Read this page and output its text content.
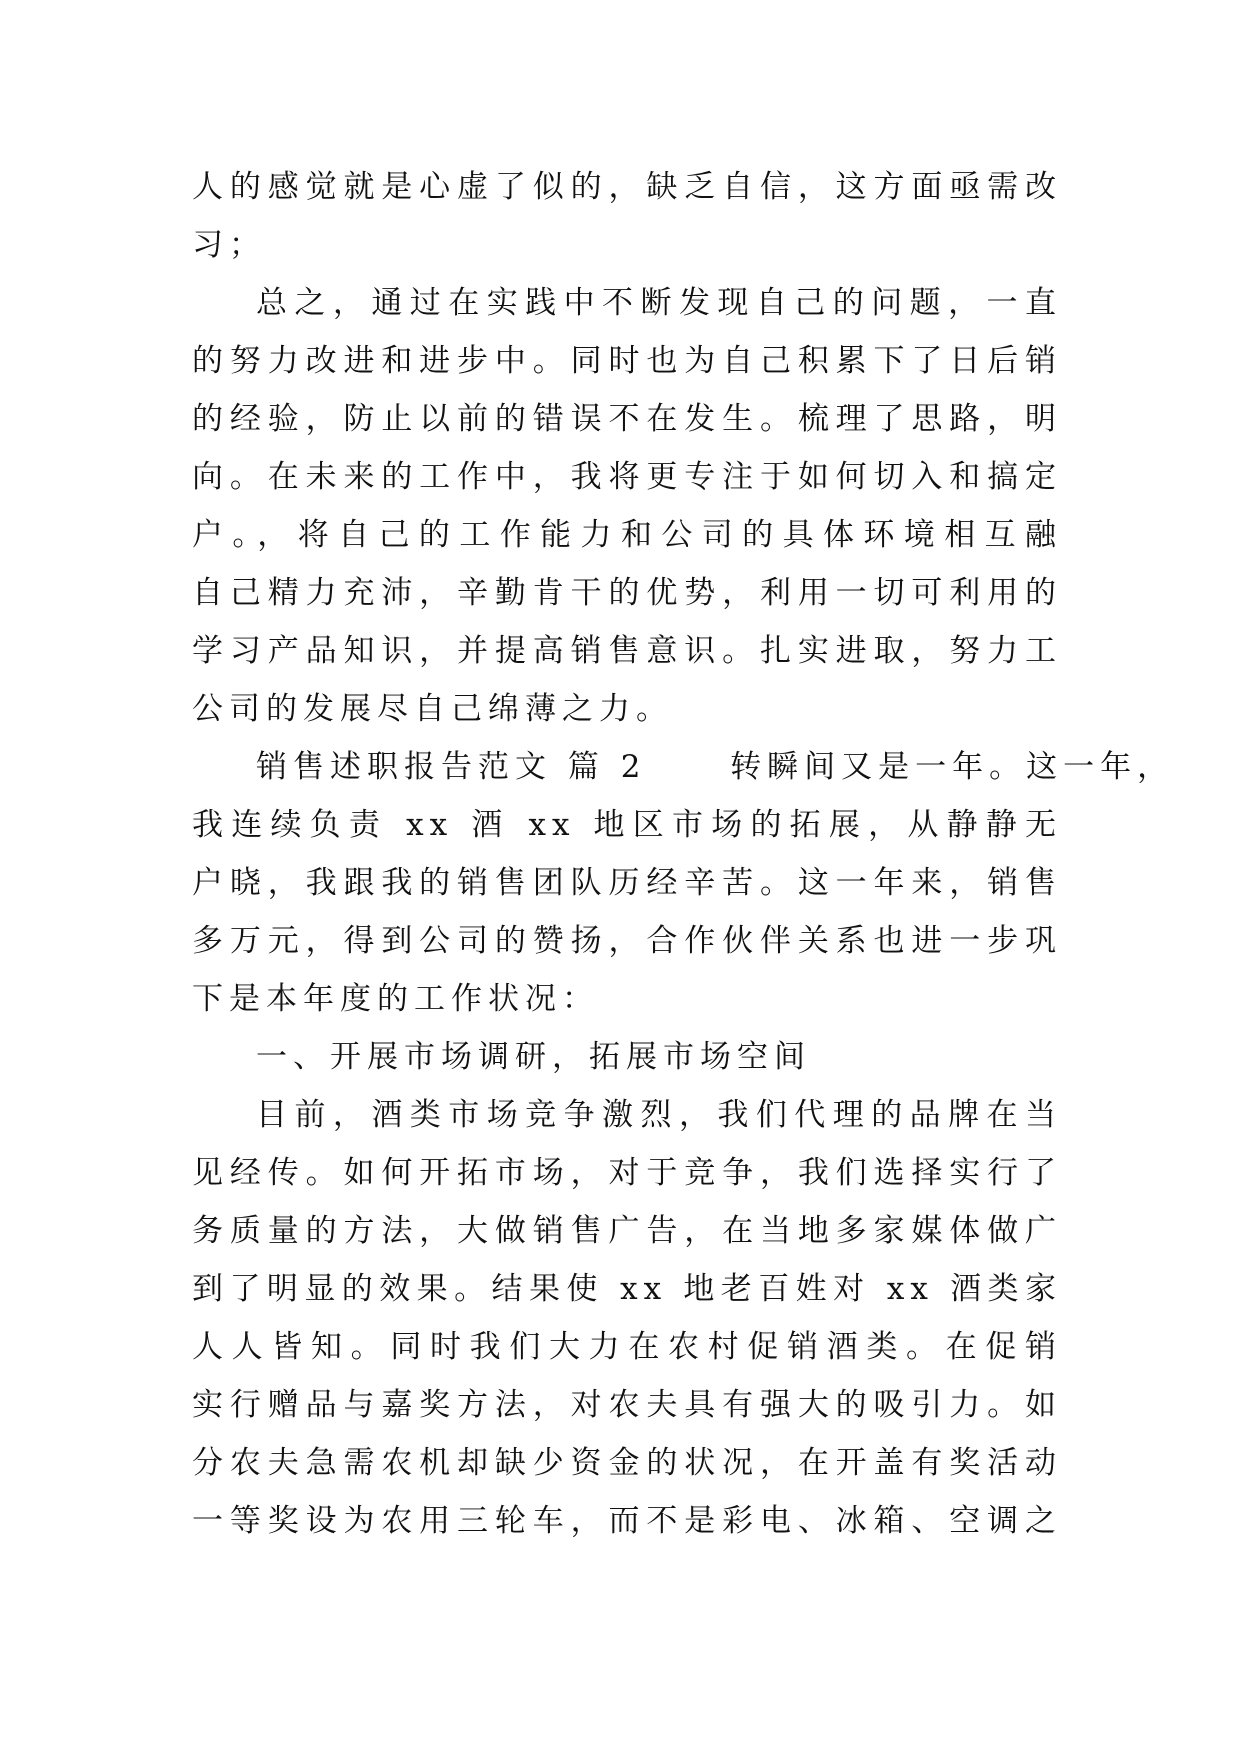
人的感觉就是心虚了似的，缺乏自信，这方面亟需改
习；
总之，通过在实践中不断发现自己的问题，一直
的努力改进和进步中。同时也为自己积累下了日后销
的经验，防止以前的错误不在发生。梳理了思路，明
向。在未来的工作中，我将更专注于如何切入和搞定
户。，将自己的工作能力和公司的具体环境相互融
自己精力充沛，辛勤肯干的优势，利用一切可利用的
学习产品知识，并提高销售意识。扎实进取，努力工
公司的发展尽自己绵薄之力。
销售述职报告范文 篇 2	转瞬间又是一年。这一年，
我连续负责 xx 酒 xx 地区市场的拓展，从静静无
户晓，我跟我的销售团队历经辛苦。这一年来，销售
多万元，得到公司的赞扬，合作伙伴关系也进一步巩
下是本年度的工作状况：
一、开展市场调研，拓展市场空间
目前，酒类市场竞争激烈，我们代理的品牌在当
见经传。如何开拓市场，对于竞争，我们选择实行了
务质量的方法，大做销售广告，在当地多家媒体做广
到了明显的效果。结果使 xx 地老百姓对 xx 酒类家
人人皆知。同时我们大力在农村促销酒类。在促销
实行赠品与嘉奖方法，对农夫具有强大的吸引力。如
分农夫急需农机却缺少资金的状况，在开盖有奖活动
一等奖设为农用三轮车，而不是彩电、冰箱、空调之
